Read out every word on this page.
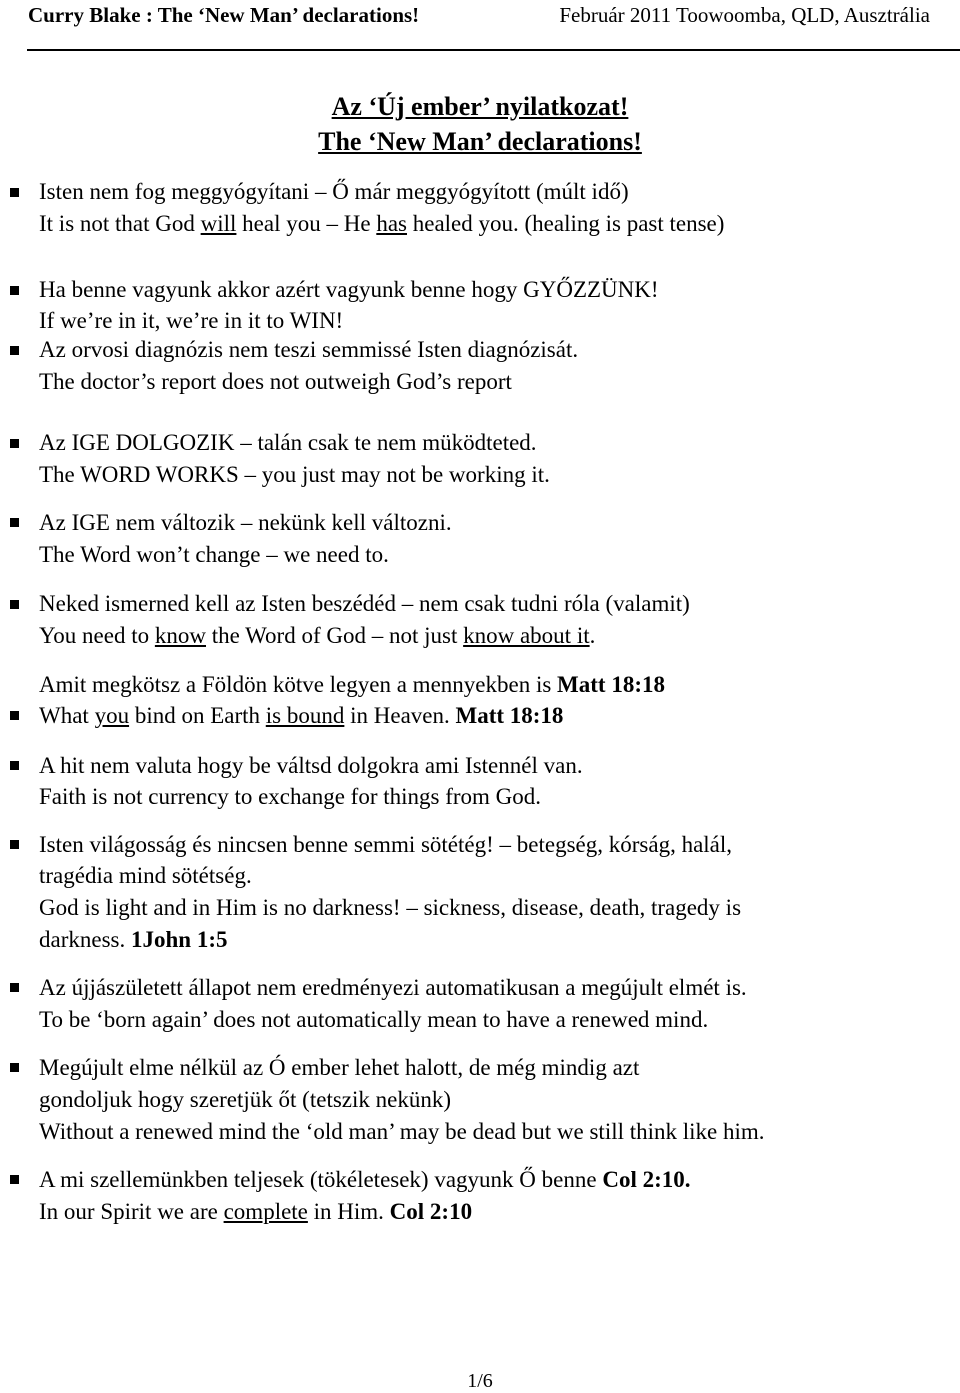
Curry Blake : The ‘New Man’ declarations!	Február 2011 Toowoomba, QLD, Ausztrália
Az ‘Új ember’ nyilatkozat!
The ‘New Man’ declarations!
Isten nem fog meggyógyítani – Ő már meggyógyított (múlt idő)
It is not that God will heal you – He has healed you. (healing is past tense)
Ha benne vagyunk akkor azért vagyunk benne hogy GYŐZZÜNK!
If we’re in it, we’re in it to WIN!
Az orvosi diagnózis nem teszi semmissé Isten diagnózisát.
The doctor’s report does not outweigh God’s report
Az IGE DOLGOZIK – talán csak te nem müködteted.
The WORD WORKS – you just may not be working it.
Az IGE nem változik – nekünk kell változni.
The Word won’t change – we need to.
Neked ismerned kell az Isten beszédéd – nem csak tudni róla (valamit)
You need to know the Word of God – not just know about it.
Amit megkötsz a Földön kötve legyen a mennyekben is Matt 18:18
What you bind on Earth is bound in Heaven. Matt 18:18
A hit nem valuta hogy be váltsd dolgokra ami Istennél van.
Faith is not currency to exchange for things from God.
Isten világosság és nincsen benne semmi sötétég! – betegség, kórság, halál,
tragédia mind sötétség.
God is light and in Him is no darkness! – sickness, disease, death, tragedy is
darkness. 1John 1:5
Az újjászületett állapot nem eredményezi automatikusan a megújult elmét is.
To be ‘born again’ does not automatically mean to have a renewed mind.
Megújult elme nélkül az Ó ember lehet halott, de még mindig azt
gondoljuk hogy szeretjük őt (tetszik nekünk)
Without a renewed mind the ‘old man’ may be dead but we still think like him.
A mi szellemünkben teljesek (tökéletesek) vagyunk Ő benne Col 2:10.
In our Spirit we are complete in Him. Col 2:10
1/6
